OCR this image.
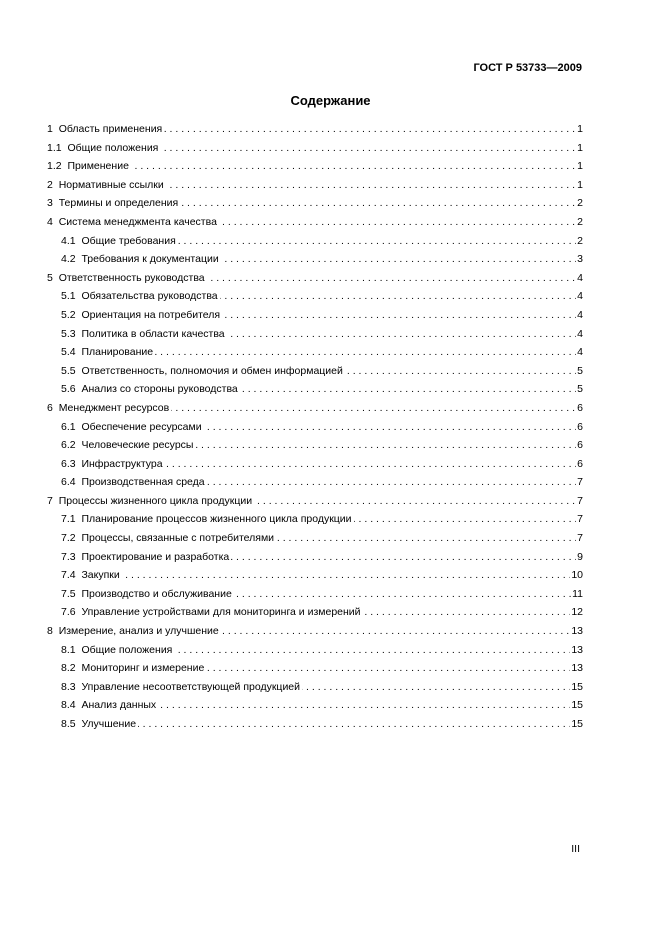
ГОСТ Р 53733—2009
Содержание
. . .
1 Область применения	1
. . .
1.1 Общие положения	1
. . .
1.2 Применение	1
. . .
2 Нормативные ссылки	1
. . .
3 Термины и определения	2
. . .
4 Система менеджмента качества	2
. . .
4.1 Общие требования	2
. . .
4.2 Требования к документации	3
. . .
5 Ответственность руководства	4
. . .
5.1 Обязательства руководства	4
. . .
5.2 Ориентация на потребителя	4
. . .
5.3 Политика в области качества	4
. . .
5.4 Планирование	4
. . .
5.5 Ответственность, полномочия и обмен информацией	5
. . .
5.6 Анализ со стороны руководства	5
. . .
6 Менеджмент ресурсов	6
. . .
6.1 Обеспечение ресурсами	6
. . .
6.2 Человеческие ресурсы	6
. . .
6.3 Инфраструктура	6
. . .
6.4 Производственная среда	7
. . .
7 Процессы жизненного цикла продукции	7
. . .
7.1 Планирование процессов жизненного цикла продукции	7
. . .
7.2 Процессы, связанные с потребителями	7
. . .
7.3 Проектирование и разработка	9
. . .
7.4 Закупки	10
. . .
7.5 Производство и обслуживание	11
. . .
7.6 Управление устройствами для мониторинга и измерений	12
. . .
8 Измерение, анализ и улучшение	13
. . .
8.1 Общие положения	13
. . .
8.2 Мониторинг и измерение	13
. . .
8.3 Управление несоответствующей продукцией	15
. . .
8.4 Анализ данных	15
. . .
8.5 Улучшение	15
III
